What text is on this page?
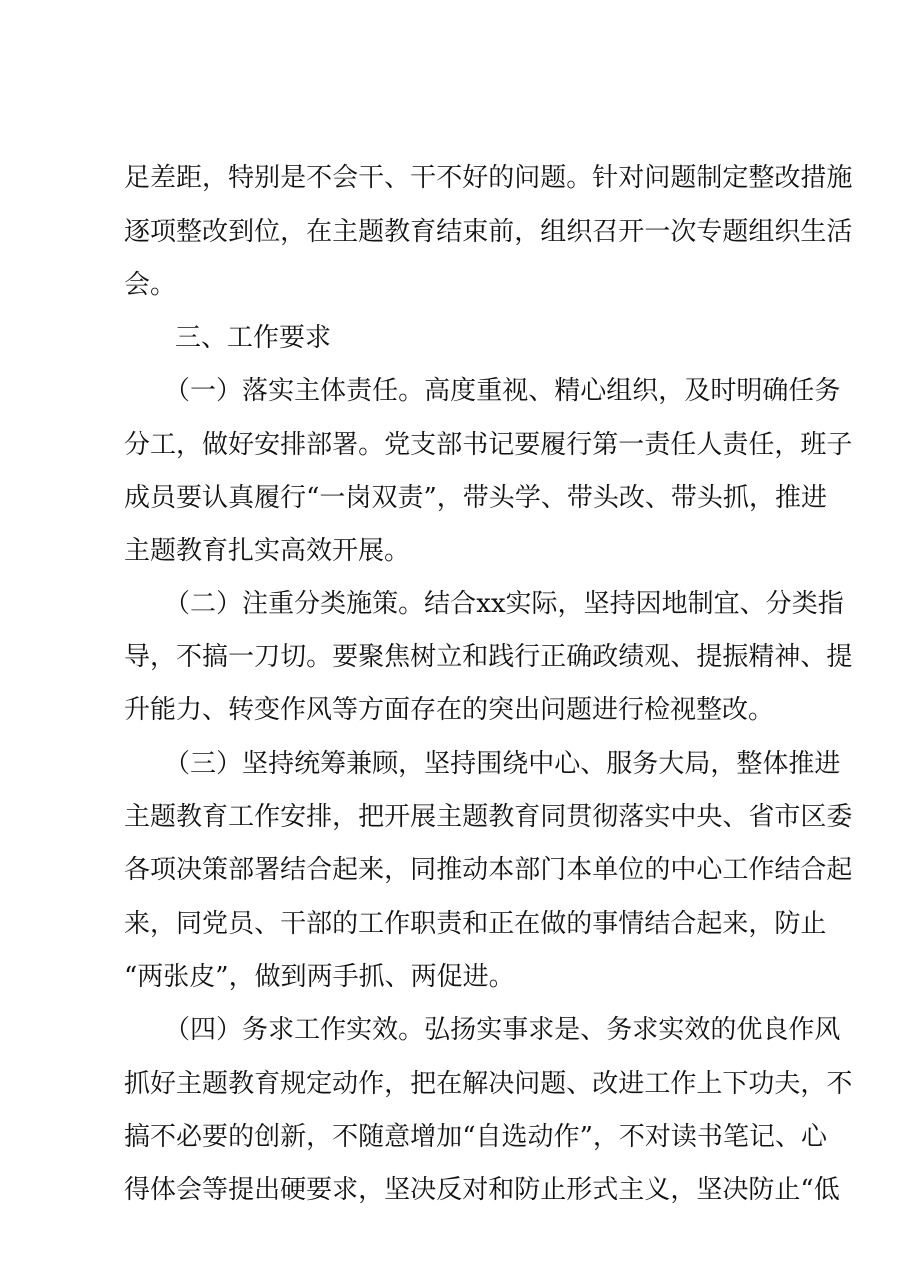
足 差 距 ， 特 别 是 不 会 干 、 干 不 好 的 问 题 。 针 对 问 题 制 定 整 改 措 施
逐 项 整 改 到 位 ， 在 主 题 教 育 结 束 前 ， 组 织 召 开 一 次 专 题 组 织 生 活
会。
三、工作要求
（ 一 ） 落 实 主 体 责 任 。 高 度 重 视 、 精 心 组 织 ， 及 时 明 确 任 务
分 工 ， 做 好 安 排 部 署 。 党 支 部 书 记 要 履 行 第 一 责 任 人 责 任 ， 班 子
成 员 要 认 真 履 行 “ 一 岗 双 责 ” ， 带 头 学 、 带 头 改 、 带 头 抓 ， 推 进
主题教育扎实高效开展。
（ 二 ） 注 重 分 类 施 策 。 结 合 xx 实 际 ， 坚 持 因 地 制 宜 、 分 类 指
导 ， 不 搞 一 刀 切 。 要 聚 焦 树 立 和 践 行 正 确 政 绩 观 、 提 振 精 神 、 提
升能力、转变作风等方面存在的突出问题进行检视整改。
（ 三 ） 坚 持 统 筹 兼 顾 ， 坚 持 围 绕 中 心 、 服 务 大 局 ， 整 体 推 进
主 题 教 育 工 作 安 排 ， 把 开 展 主 题 教 育 同 贯 彻 落 实 中 央 、 省 市 区 委
各 项 决 策 部 署 结 合 起 来 ， 同 推 动 本 部 门 本 单 位 的 中 心 工 作 结 合 起
来 ， 同 党 员 、 干 部 的 工 作 职 责 和 正 在 做 的 事 情 结 合 起 来 ， 防 止
“两张皮”，做到两手抓、两促进。
（ 四 ） 务 求 工 作 实 效 。 弘 扬 实 事 求 是 、 务 求 实 效 的 优 良 作 风
抓 好 主 题 教 育 规 定 动 作 ， 把 在 解 决 问 题 、 改 进 工 作 上 下 功 夫 ， 不
搞 不 必 要 的 创 新 ， 不 随 意 增 加 “ 自 选 动 作 ” ， 不 对 读 书 笔 记 、 心
得 体 会 等 提 出 硬 要 求 ， 坚 决 反 对 和 防 止 形 式 主 义 ， 坚 决 防 止 “ 低
